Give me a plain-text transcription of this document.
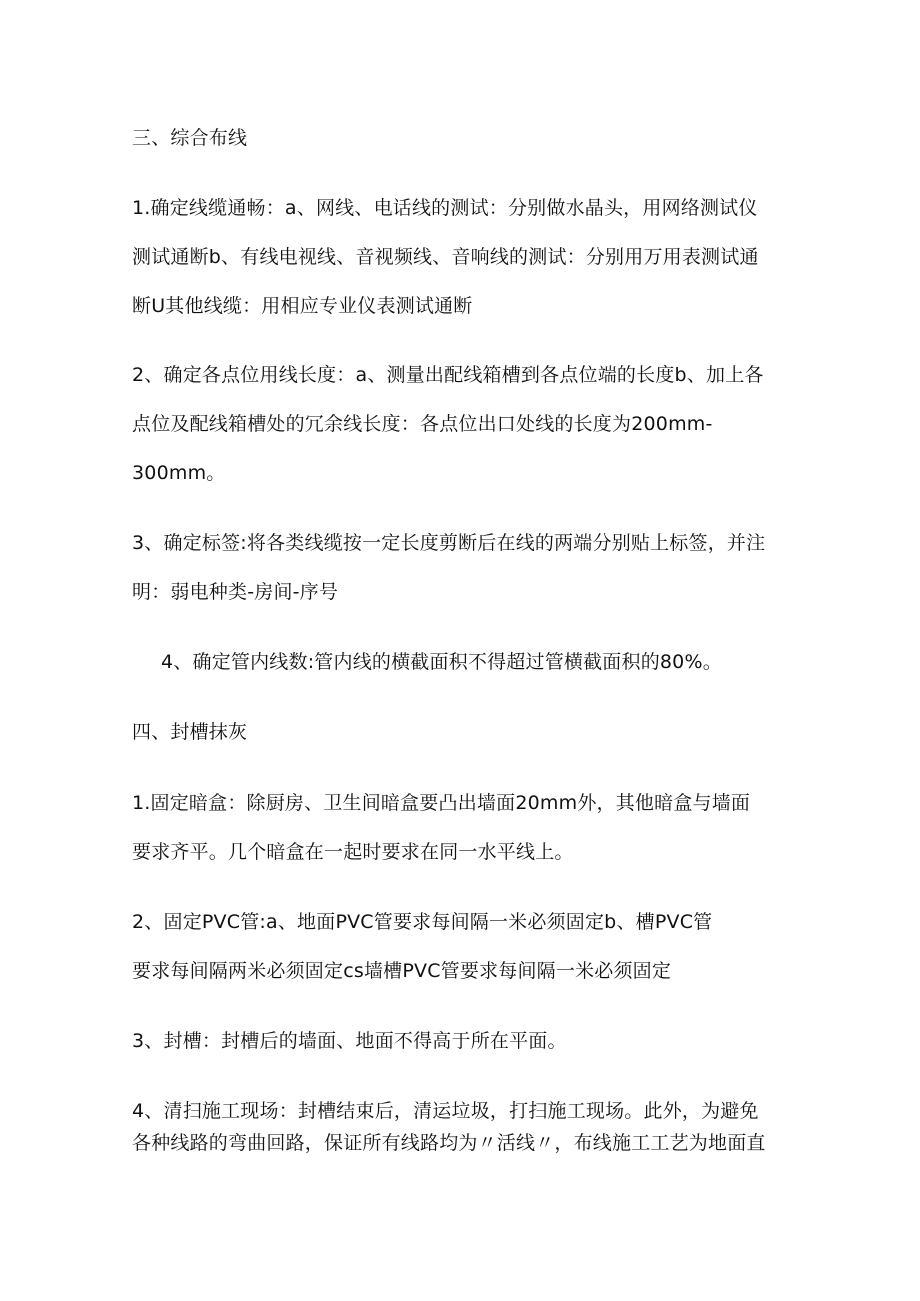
三、综合布线
1.确定线缆通畅：a、网线、电话线的测试：分别做水晶头，用网络测试仪
测试通断b、有线电视线、音视频线、音响线的测试：分别用万用表测试通
断U其他线缆：用相应专业仪表测试通断
2、确定各点位用线长度：a、测量出配线箱槽到各点位端的长度b、加上各
点位及配线箱槽处的冗余线长度：各点位出口处线的长度为200mm-
300mm。
3、确定标签:将各类线缆按一定长度剪断后在线的两端分别贴上标签，并注
明：弱电种类-房间-序号
4、确定管内线数:管内线的横截面积不得超过管横截面积的80%。
四、封槽抹灰
1.固定暗盒：除厨房、卫生间暗盒要凸出墙面20mm外，其他暗盒与墙面
要求齐平。几个暗盒在一起时要求在同一水平线上。
2、固定PVC管:a、地面PVC管要求每间隔一米必须固定b、槽PVC管
要求每间隔两米必须固定cs墙槽PVC管要求每间隔一米必须固定
3、封槽：封槽后的墙面、地面不得高于所在平面。
4、清扫施工现场：封槽结束后，清运垃圾，打扫施工现场。此外，为避免
各种线路的弯曲回路，保证所有线路均为〃活线〃，布线施工工艺为地面直
